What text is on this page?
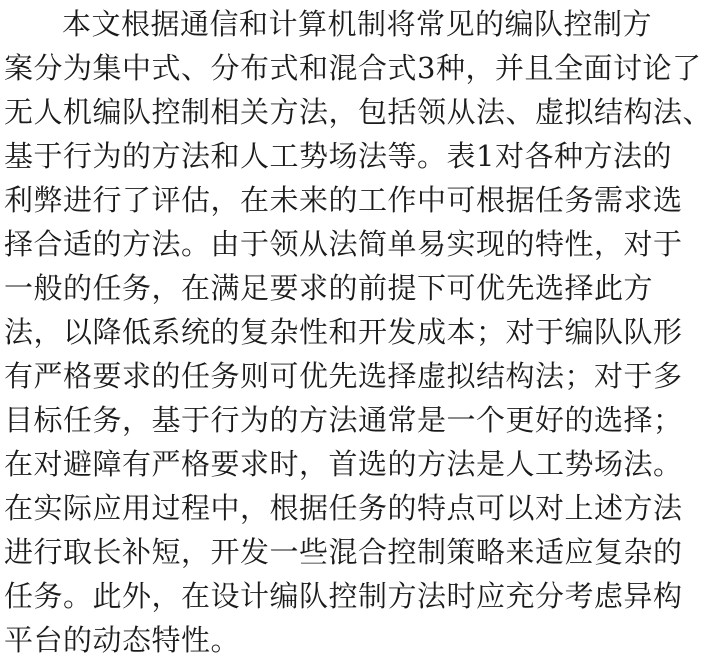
本文根据通信和计算机制将常见的编队控制方
案分为集中式、分布式和混合式3种，并且全面讨论了
无人机编队控制相关方法，包括领从法、虚拟结构法、
基于行为的方法和人工势场法等。表1对各种方法的
利弊进行了评估，在未来的工作中可根据任务需求选
择合适的方法。由于领从法简单易实现的特性，对于
一般的任务，在满足要求的前提下可优先选择此方
法，以降低系统的复杂性和开发成本；对于编队队形
有严格要求的任务则可优先选择虚拟结构法；对于多
目标任务，基于行为的方法通常是一个更好的选择；
在对避障有严格要求时，首选的方法是人工势场法。
在实际应用过程中，根据任务的特点可以对上述方法
进行取长补短，开发一些混合控制策略来适应复杂的
任务。此外，在设计编队控制方法时应充分考虑异构
平台的动态特性。
